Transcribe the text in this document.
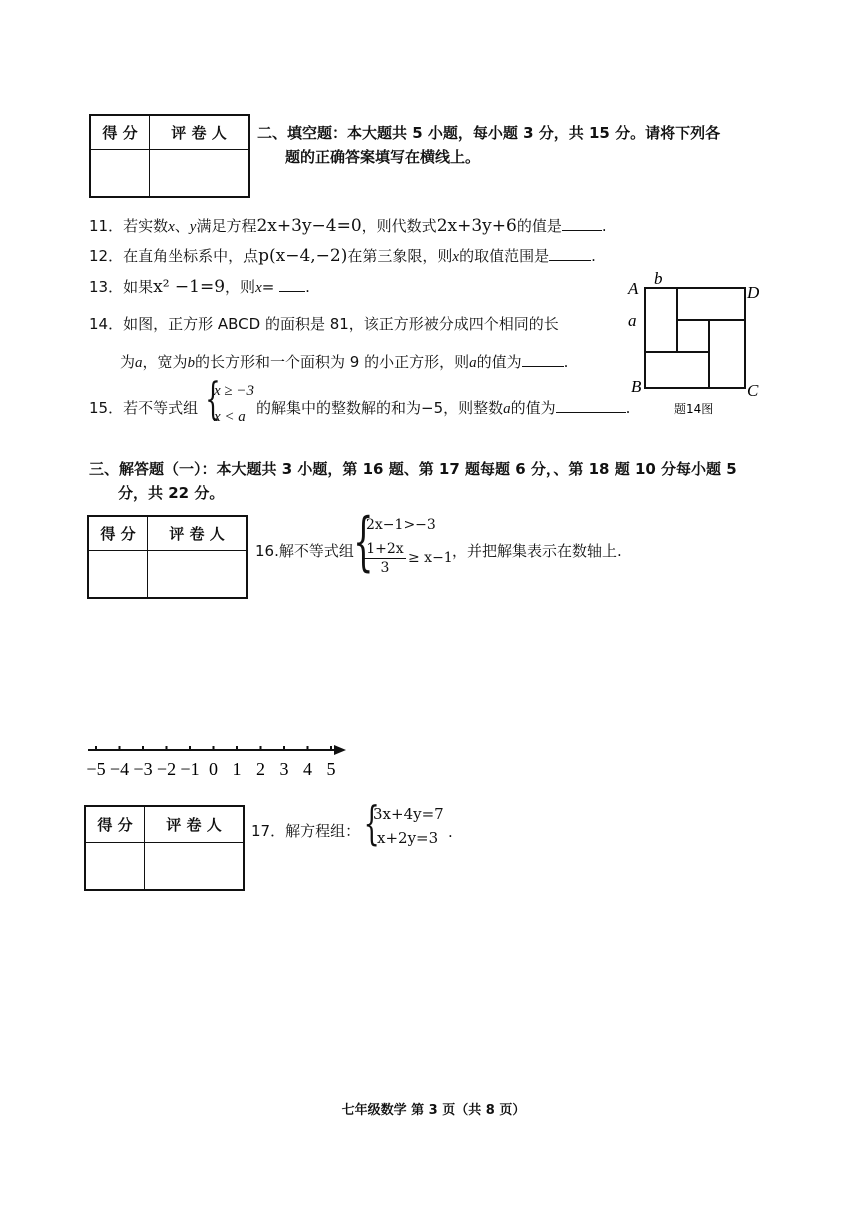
得 分	评 卷 人
	二、填空题：本大题共 5 小题，每小题 3 分，共 15 分。请将下列各
题的正确答案填写在横线上。
11．若实数x、y满足方程2x+3y−4=0，则代数式2x+3y+6的值是	.
12．在直角坐标系中，点p(x−4,−2)在第三象限，则x的取值范围是	.
13．如果x² −1=9，则x= .
14．如图，正方形 ABCD 的面积是 81，该正方形被分成四个相同的长
为a，宽为b的长方形和一个面积为 9 的小正方形，则a的值为	.
A
b
D
a
B	C
题14图
15．若不等式组 {
x ≥ −3
x < a 的解集中的整数解的和为−5，则整数a的值为	.
三、解答题（一）：本大题共 3 小题，第 16 题、第 17 题每题 6 分，、第 18 题 10 分每小题 5
分，共 22 分。
得 分	评 卷 人

16.解不等式组 {
2x−1>−3
$\frac{1+2x}{3} \ge x-1$ ，并把解集表示在数轴上.
−5 −4 −3 −2 −1 0 1 2 3 4 5
得 分	评 卷 人
	17．解方程组： {
3x+4y=7
x+2y=3 .
七年级数学 第 3 页（共 8 页）
